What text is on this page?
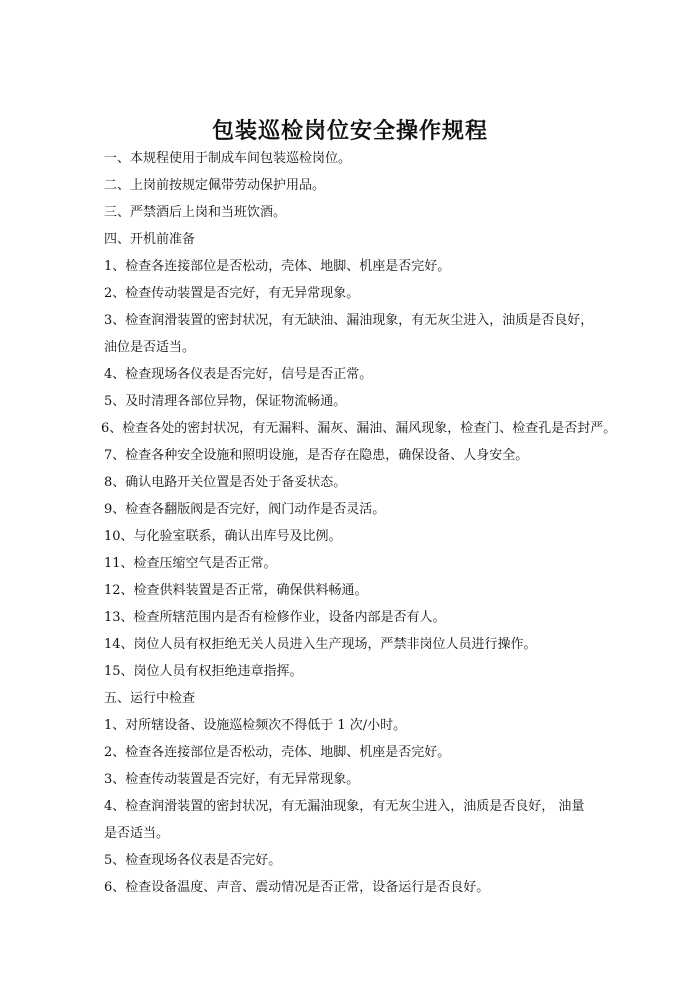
包装巡检岗位安全操作规程

一、本规程使用于制成车间包装巡检岗位。

二、上岗前按规定佩带劳动保护用品。

三、严禁酒后上岗和当班饮酒。

四、开机前准备

1、检查各连接部位是否松动，壳体、地脚、机座是否完好。

2、检查传动装置是否完好，有无异常现象。

3、检查润滑装置的密封状况，有无缺油、漏油现象，有无灰尘进入，油质是否良好，

油位是否适当。

4、检查现场各仪表是否完好，信号是否正常。

5、及时清理各部位异物，保证物流畅通。

6、检查各处的密封状况，有无漏料、漏灰、漏油、漏风现象，检查门、检查孔是否封严。

7、检查各种安全设施和照明设施，是否存在隐患，确保设备、人身安全。

8、确认电路开关位置是否处于备妥状态。

9、检查各翻版阀是否完好，阀门动作是否灵活。

10、与化验室联系，确认出库号及比例。

11、检查压缩空气是否正常。

12、检查供料装置是否正常，确保供料畅通。

13、检查所辖范围内是否有检修作业，设备内部是否有人。

14、岗位人员有权拒绝无关人员进入生产现场，严禁非岗位人员进行操作。

15、岗位人员有权拒绝违章指挥。

五、运行中检查

1、对所辖设备、设施巡检频次不得低于 1 次/小时。

2、检查各连接部位是否松动，壳体、地脚、机座是否完好。

3、检查传动装置是否完好，有无异常现象。

4、检查润滑装置的密封状况，有无漏油现象，有无灰尘进入，油质是否良好， 油量

是否适当。

5、检查现场各仪表是否完好。

6、检查设备温度、声音、震动情况是否正常，设备运行是否良好。
